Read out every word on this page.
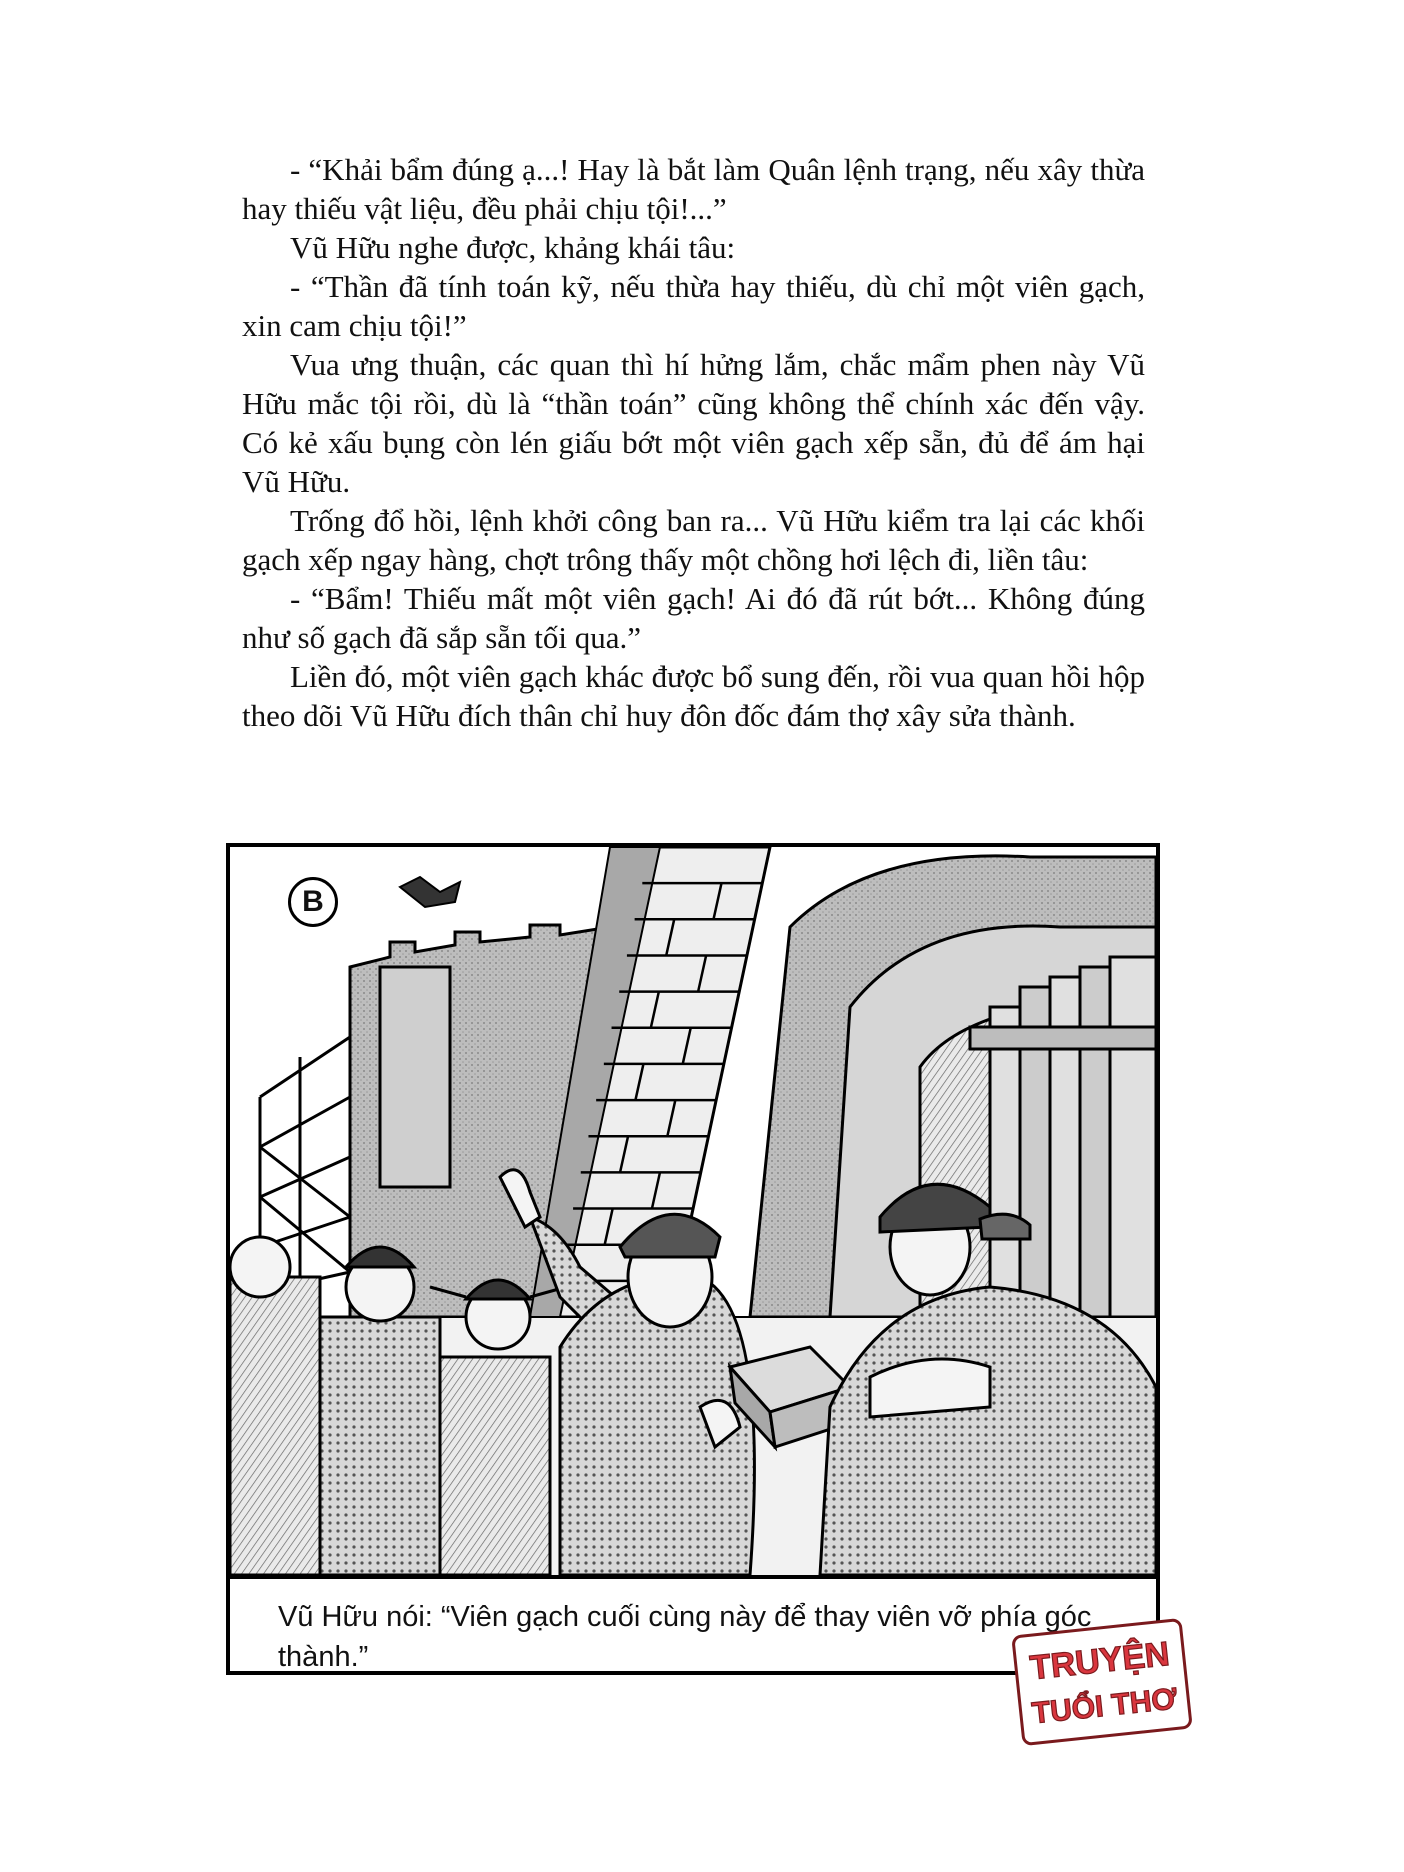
- “Khải bẩm đúng ạ...! Hay là bắt làm Quân lệnh trạng, nếu xây thừa hay thiếu vật liệu, đều phải chịu tội!...”

Vũ Hữu nghe được, khảng khái tâu:

- “Thần đã tính toán kỹ, nếu thừa hay thiếu, dù chỉ một viên gạch, xin cam chịu tội!”

Vua ưng thuận, các quan thì hí hửng lắm, chắc mẩm phen này Vũ Hữu mắc tội rồi, dù là “thần toán” cũng không thể chính xác đến vậy. Có kẻ xấu bụng còn lén giấu bớt một viên gạch xếp sẵn, đủ để ám hại Vũ Hữu.

Trống đổ hồi, lệnh khởi công ban ra... Vũ Hữu kiểm tra lại các khối gạch xếp ngay hàng, chợt trông thấy một chồng hơi lệch đi, liền tâu:

- “Bẩm! Thiếu mất một viên gạch! Ai đó đã rút bớt... Không đúng như số gạch đã sắp sẵn tối qua.”

Liền đó, một viên gạch khác được bổ sung đến, rồi vua quan hồi hộp theo dõi Vũ Hữu đích thân chỉ huy đôn đốc đám thợ xây sửa thành.

B
Vũ Hữu nói: “Viên gạch cuối cùng này để thay viên vỡ phía góc thành.”	TRUYỆN
TUỔI THƠ
